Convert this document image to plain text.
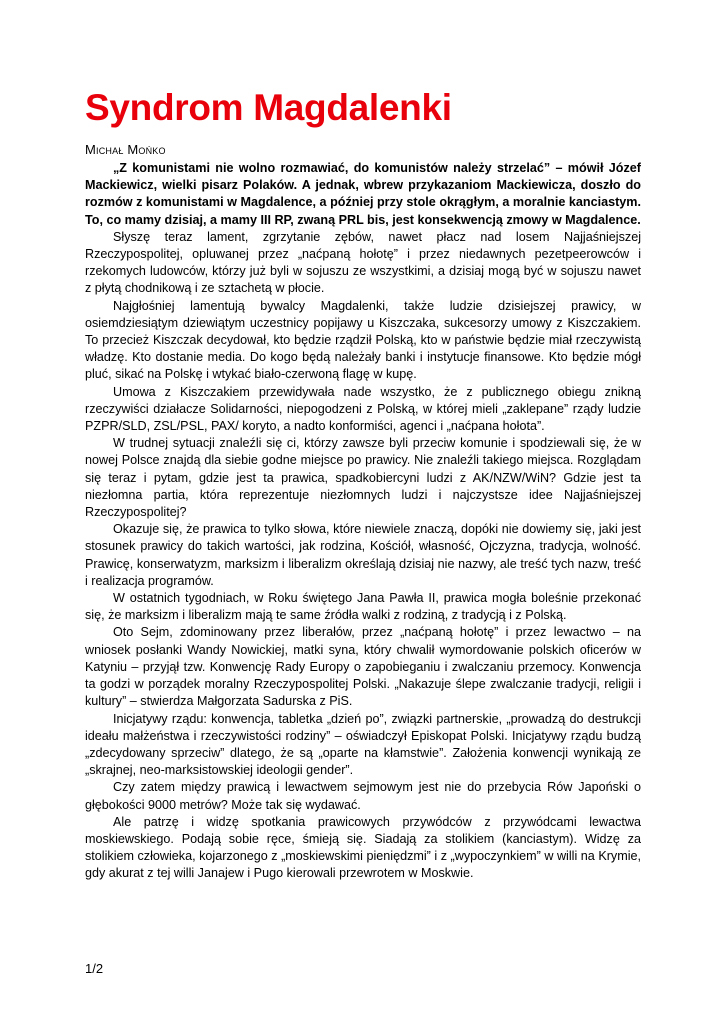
Syndrom Magdalenki
Michał Mońko

„Z komunistami nie wolno rozmawiać, do komunistów należy strzelać” – mówił Józef Mackiewicz, wielki pisarz Polaków. A jednak, wbrew przykazaniom Mackiewicza, doszło do rozmów z komunistami w Magdalence, a później przy stole okrągłym, a moralnie kanciastym. To, co mamy dzisiaj, a mamy III RP, zwaną PRL bis, jest konsekwencją zmowy w Magdalence.

Słyszę teraz lament, zgrzytanie zębów, nawet płacz nad losem Najjaśniejszej Rzeczypospolitej, opluwanej przez „naćpaną hołotę” i przez niedawnych pezetpeerowców i rzekomych ludowców, którzy już byli w sojuszu ze wszystkimi, a dzisiaj mogą być w sojuszu nawet z płytą chodnikową i ze sztachetą w płocie.

Najgłośniej lamentują bywalcy Magdalenki, także ludzie dzisiejszej prawicy, w osiemdziesiątym dziewiątym uczestnicy popijawy u Kiszczaka, sukcesorzy umowy z Kiszczakiem. To przecież Kiszczak decydował, kto będzie rządził Polską, kto w państwie będzie miał rzeczywistą władzę. Kto dostanie media. Do kogo będą należały banki i instytucje finansowe. Kto będzie mógł pluć, sikać na Polskę i wtykać biało-czerwoną flagę w kupę.

Umowa z Kiszczakiem przewidywała nade wszystko, że z publicznego obiegu znikną rzeczywiści działacze Solidarności, niepogodzeni z Polską, w której mieli „zaklepane” rządy ludzie PZPR/SLD, ZSL/PSL, PAX/ koryto, a nadto konformiści, agenci i „naćpana hołota”.

W trudnej sytuacji znaleźli się ci, którzy zawsze byli przeciw komunie i spodziewali się, że w nowej Polsce znajdą dla siebie godne miejsce po prawicy. Nie znaleźli takiego miejsca. Rozglądam się teraz i pytam, gdzie jest ta prawica, spadkobiercyni ludzi z AK/NZW/WiN? Gdzie jest ta niezłomna partia, która reprezentuje niezłomnych ludzi i najczystsze idee Najjaśniejszej Rzeczypospolitej?

Okazuje się, że prawica to tylko słowa, które niewiele znaczą, dopóki nie dowiemy się, jaki jest stosunek prawicy do takich wartości, jak rodzina, Kościół, własność, Ojczyzna, tradycja, wolność. Prawicę, konserwatyzm, marksizm i liberalizm określają dzisiaj nie nazwy, ale treść tych nazw, treść i realizacja programów.

W ostatnich tygodniach, w Roku świętego Jana Pawła II, prawica mogła boleśnie przekonać się, że marksizm i liberalizm mają te same źródła walki z rodziną, z tradycją i z Polską.

Oto Sejm, zdominowany przez liberałów, przez „naćpaną hołotę” i przez lewactwo – na wniosek posłanki Wandy Nowickiej, matki syna, który chwalił wymordowanie polskich oficerów w Katyniu – przyjął tzw. Konwencję Rady Europy o zapobieganiu i zwalczaniu przemocy. Konwencja ta godzi w porządek moralny Rzeczypospolitej Polski. „Nakazuje ślepe zwalczanie tradycji, religii i kultury” – stwierdza Małgorzata Sadurska z PiS.

Inicjatywy rządu: konwencja, tabletka „dzień po”, związki partnerskie, „prowadzą do destrukcji ideału małżeństwa i rzeczywistości rodziny” – oświadczył Episkopat Polski. Inicjatywy rządu budzą „zdecydowany sprzeciw” dlatego, że są „oparte na kłamstwie”. Założenia konwencji wynikają ze „skrajnej, neo-marksistowskiej ideologii gender”.

Czy zatem między prawicą i lewactwem sejmowym jest nie do przebycia Rów Japoński o głębokości 9000 metrów? Może tak się wydawać.

Ale patrzę i widzę spotkania prawicowych przywódców z przywódcami lewactwa moskiewskiego. Podają sobie ręce, śmieją się. Siadają za stolikiem (kanciastym). Widzę za stolikiem człowieka, kojarzonego z „moskiewskimi pieniędzmi” i z „wypoczynkiem” w willi na Krymie, gdy akurat z tej willi Janajew i Pugo kierowali przewrotem w Moskwie.

1/2
